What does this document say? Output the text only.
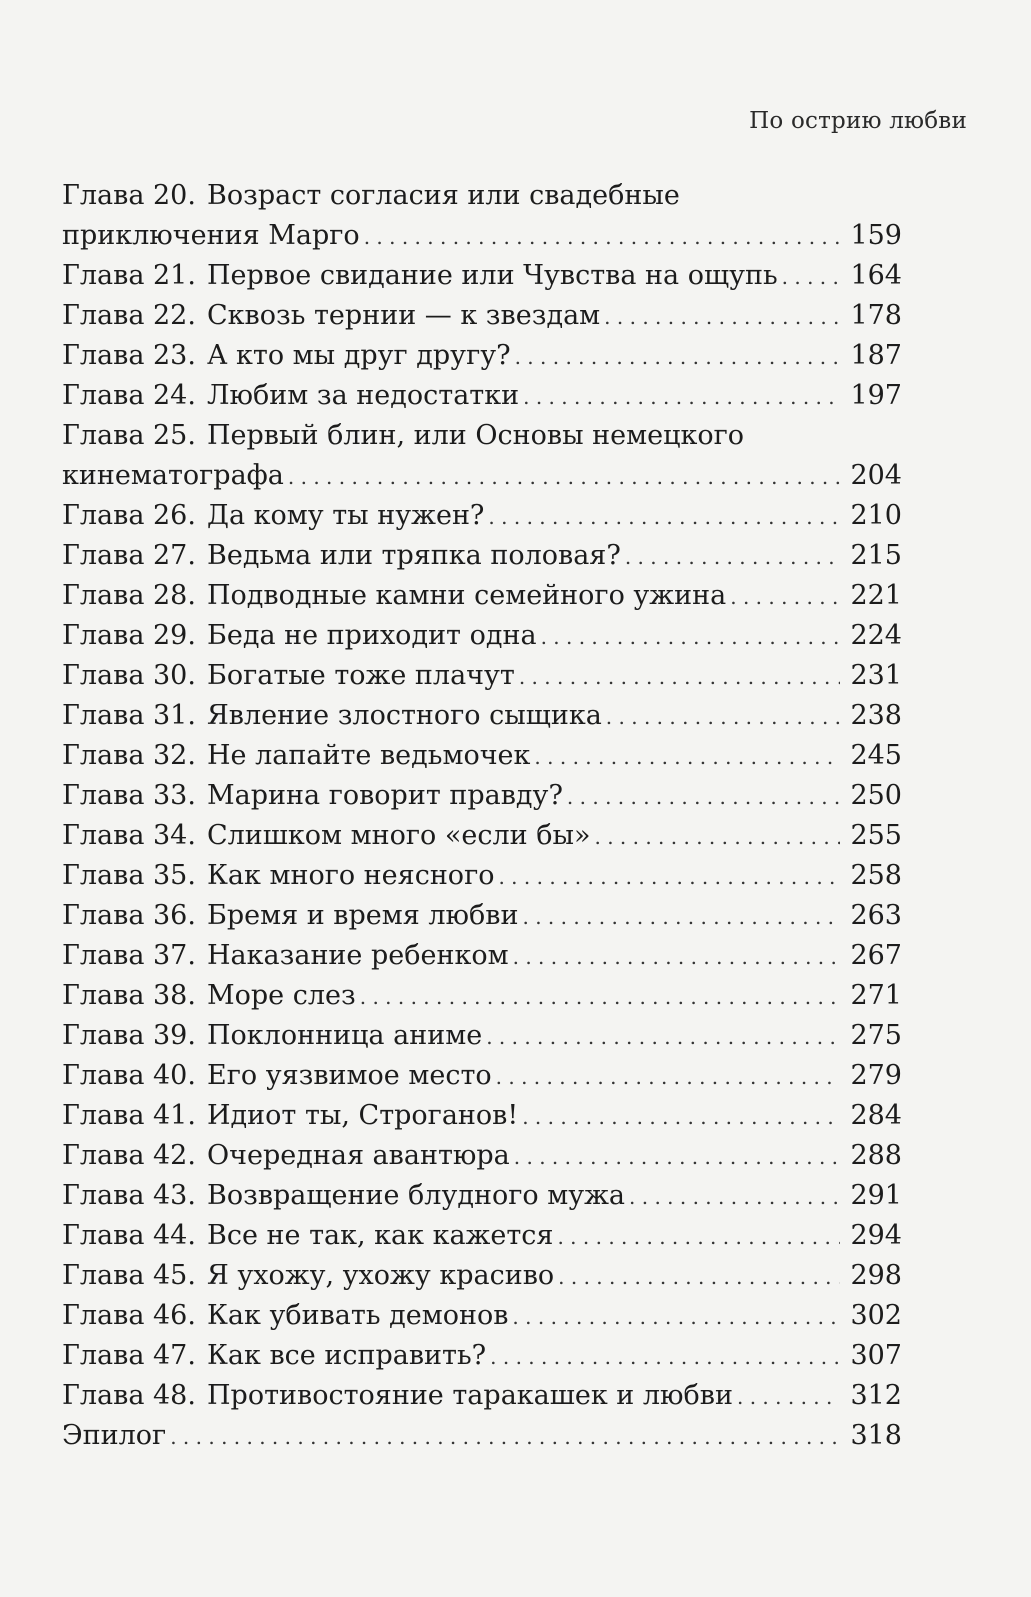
По острию любви
Глава 20. Возраст согласия или свадебные
приключения Марго . . .	159
Глава 21. Первое свидание или Чувства на ощупь . . .	164
Глава 22. Сквозь тернии — к звездам . . .	178
Глава 23. А кто мы друг другу? . . .	187
Глава 24. Любим за недостатки . . .	197
Глава 25. Первый блин, или Основы немецкого
кинематографа . . .	204
Глава 26. Да кому ты нужен? . . .	210
Глава 27. Ведьма или тряпка половая? . . .	215
Глава 28. Подводные камни семейного ужина . . .	221
Глава 29. Беда не приходит одна . . .	224
Глава 30. Богатые тоже плачут . . .	231
Глава 31. Явление злостного сыщика . . .	238
Глава 32. Не лапайте ведьмочек . . .	245
Глава 33. Марина говорит правду? . . .	250
Глава 34. Слишком много «если бы» . . .	255
Глава 35. Как много неясного . . .	258
Глава 36. Бремя и время любви . . .	263
Глава 37. Наказание ребенком . . .	267
Глава 38. Море слез . . .	271
Глава 39. Поклонница аниме . . .	275
Глава 40. Его уязвимое место . . .	279
Глава 41. Идиот ты, Строганов! . . .	284
Глава 42. Очередная авантюра . . .	288
Глава 43. Возвращение блудного мужа . . .	291
Глава 44. Все не так, как кажется . . .	294
Глава 45. Я ухожу, ухожу красиво . . .	298
Глава 46. Как убивать демонов . . .	302
Глава 47. Как все исправить? . . .	307
Глава 48. Противостояние таракашек и любви . . .	312
Эпилог . . .	318
